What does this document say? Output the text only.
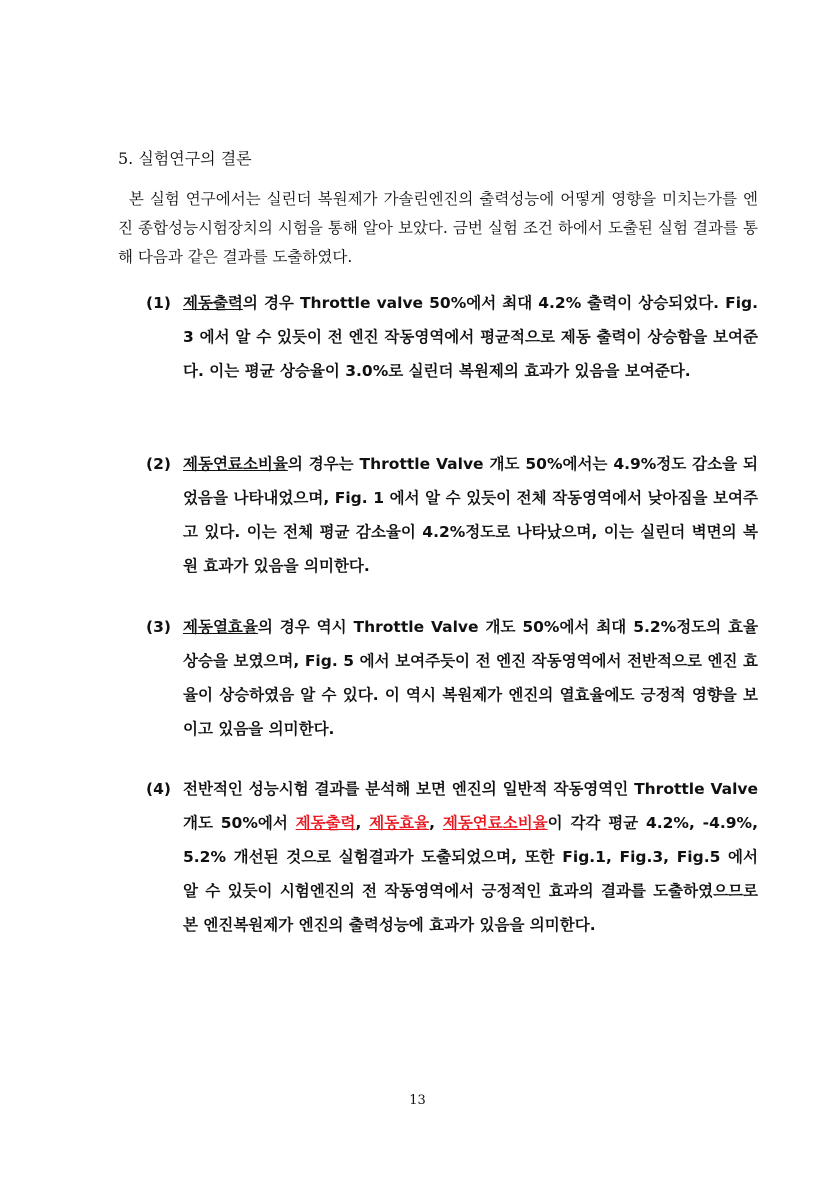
5. 실험연구의 결론
본 실험 연구에서는 실린더 복원제가 가솔린엔진의 출력성능에 어떻게 영향을 미치는가를 엔진 종합성능시험장치의 시험을 통해 알아 보았다. 금번 실험 조건 하에서 도출된 실험 결과를 통해 다음과 같은 결과를 도출하였다.
(1) 제동출력의 경우 Throttle valve 50%에서 최대 4.2% 출력이 상승되었다. Fig. 3 에서 알 수 있듯이 전 엔진 작동영역에서 평균적으로 제동 출력이 상승함을 보여준다. 이는 평균 상승율이 3.0%로 실린더 복원제의 효과가 있음을 보여준다.
(2) 제동연료소비율의 경우는 Throttle Valve 개도 50%에서는 4.9%정도 감소을 되었음을 나타내었으며, Fig. 1 에서 알 수 있듯이 전체 작동영역에서 낮아짐을 보여주고 있다. 이는 전체 평균 감소율이 4.2%정도로 나타났으며, 이는 실린더 벽면의 복원 효과가 있음을 의미한다.
(3) 제동열효율의 경우 역시 Throttle Valve 개도 50%에서 최대 5.2%정도의 효율상승을 보였으며, Fig. 5 에서 보여주듯이 전 엔진 작동영역에서 전반적으로 엔진 효율이 상승하였음 알 수 있다. 이 역시 복원제가 엔진의 열효율에도 긍정적 영향을 보이고 있음을 의미한다.
(4) 전반적인 성능시험 결과를 분석해 보면 엔진의 일반적 작동영역인 Throttle Valve 개도 50%에서 제동출력, 제동효율, 제동연료소비율이 각각 평균 4.2%, -4.9%, 5.2% 개선된 것으로 실험결과가 도출되었으며, 또한 Fig.1, Fig.3, Fig.5 에서 알 수 있듯이 시험엔진의 전 작동영역에서 긍정적인 효과의 결과를 도출하였으므로 본 엔진복원제가 엔진의 출력성능에 효과가 있음을 의미한다.
13
